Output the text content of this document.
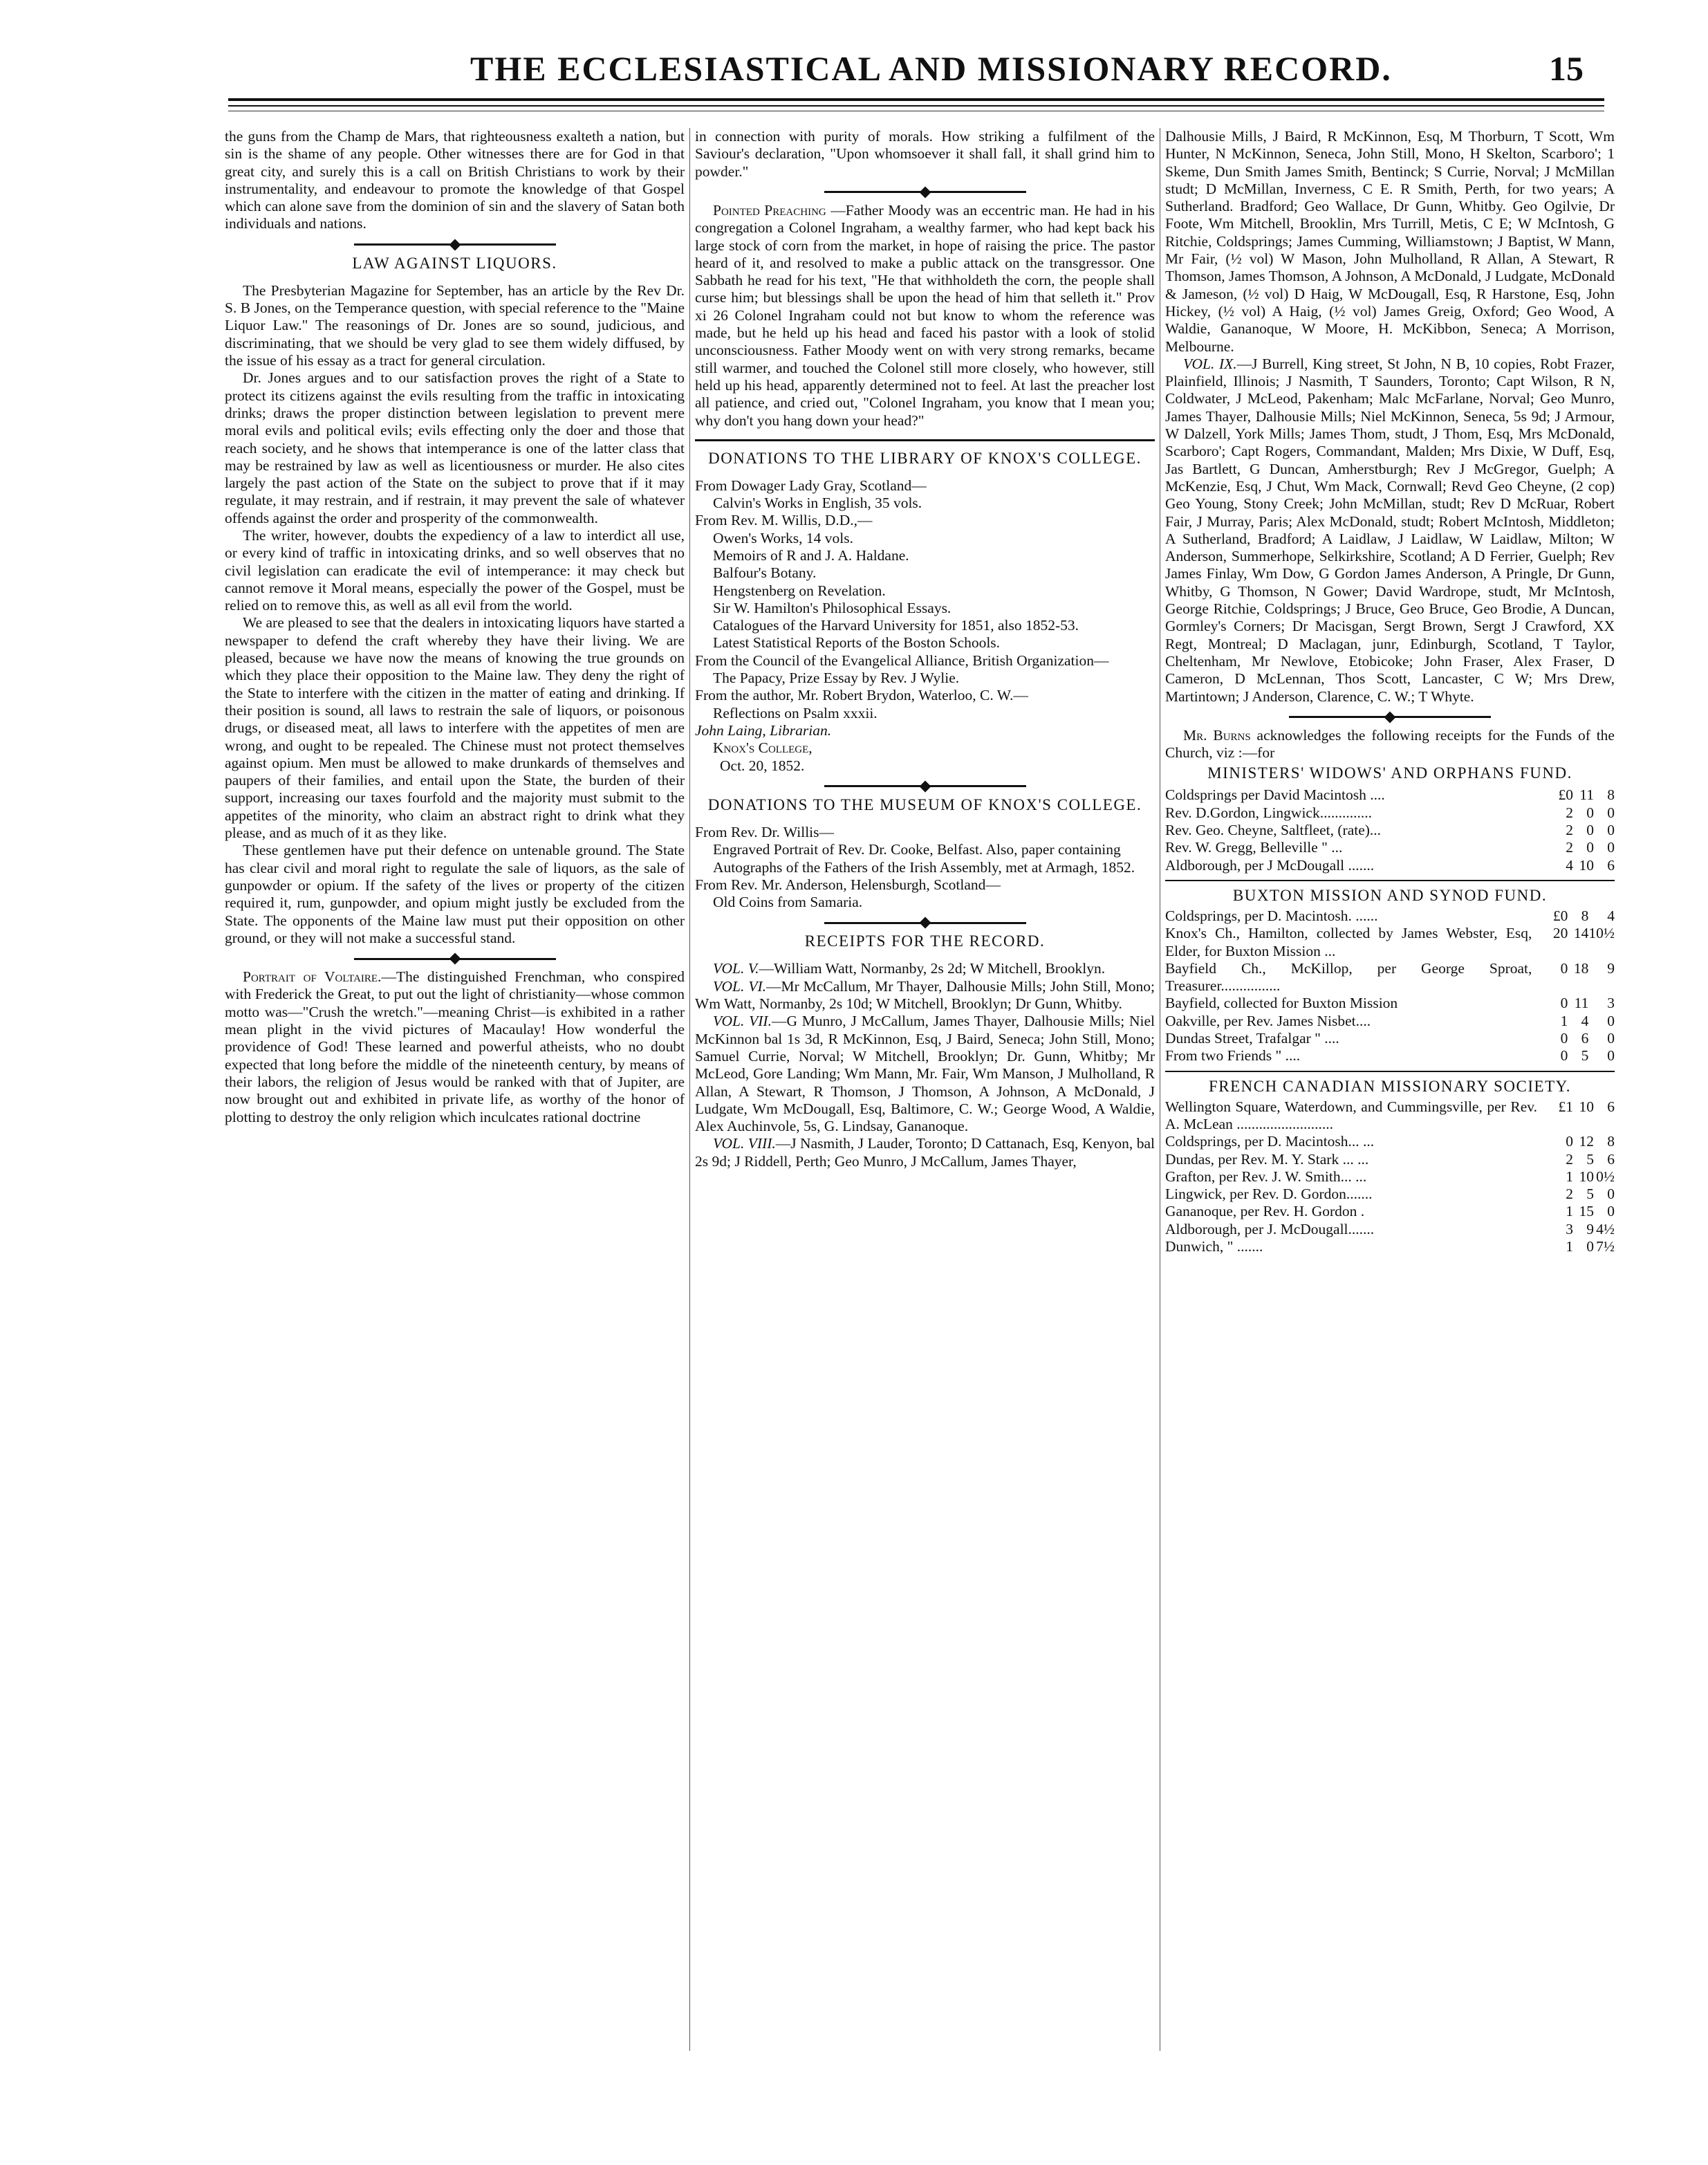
THE ECCLESIASTICAL AND MISSIONARY RECORD.	15

the guns from the Champ de Mars, that righteousness exalteth a nation, but sin is the shame of any people. Other witnesses there are for God in that great city, and surely this is a call on British Christians to work by their instrumentality, and endeavour to promote the knowledge of that Gospel which can alone save from the dominion of sin and the slavery of Satan both individuals and nations.

LAW AGAINST LIQUORS.

The Presbyterian Magazine for September, has an article by the Rev Dr. S. B Jones, on the Temperance question, with special reference to the "Maine Liquor Law." The reasonings of Dr. Jones are so sound, judicious, and discriminating, that we should be very glad to see them widely diffused, by the issue of his essay as a tract for general circulation.

Dr. Jones argues and to our satisfaction proves the right of a State to protect its citizens against the evils resulting from the traffic in intoxicating drinks; draws the proper distinction between legislation to prevent mere moral evils and political evils; evils effecting only the doer and those that reach society, and he shows that intemperance is one of the latter class that may be restrained by law as well as licentiousness or murder. He also cites largely the past action of the State on the subject to prove that if it may regulate, it may restrain, and if restrain, it may prevent the sale of whatever offends against the order and prosperity of the commonwealth.

The writer, however, doubts the expediency of a law to interdict all use, or every kind of traffic in intoxicating drinks, and so well observes that no civil legislation can eradicate the evil of intemperance: it may check but cannot remove it Moral means, especially the power of the Gospel, must be relied on to remove this, as well as all evil from the world.

We are pleased to see that the dealers in intoxicating liquors have started a newspaper to defend the craft whereby they have their living. We are pleased, because we have now the means of knowing the true grounds on which they place their opposition to the Maine law. They deny the right of the State to interfere with the citizen in the matter of eating and drinking. If their position is sound, all laws to restrain the sale of liquors, or poisonous drugs, or diseased meat, all laws to interfere with the appetites of men are wrong, and ought to be repealed. The Chinese must not protect themselves against opium. Men must be allowed to make drunkards of themselves and paupers of their families, and entail upon the State, the burden of their support, increasing our taxes fourfold and the majority must submit to the appetites of the minority, who claim an abstract right to drink what they please, and as much of it as they like.

These gentlemen have put their defence on untenable ground. The State has clear civil and moral right to regulate the sale of liquors, as the sale of gunpowder or opium. If the safety of the lives or property of the citizen required it, rum, gunpowder, and opium might justly be excluded from the State. The opponents of the Maine law must put their opposition on other ground, or they will not make a successful stand.

Portrait of Voltaire.—The distinguished Frenchman, who conspired with Frederick the Great, to put out the light of christianity—whose common motto was—"Crush the wretch."—meaning Christ—is exhibited in a rather mean plight in the vivid pictures of Macaulay! How wonderful the providence of God! These learned and powerful atheists, who no doubt expected that long before the middle of the nineteenth century, by means of their labors, the religion of Jesus would be ranked with that of Jupiter, are now brought out and exhibited in private life, as worthy of the honor of plotting to destroy the only religion which inculcates rational doctrine

in connection with purity of morals. How striking a fulfilment of the Saviour's declaration, "Upon whomsoever it shall fall, it shall grind him to powder."

Pointed Preaching —Father Moody was an eccentric man. He had in his congregation a Colonel Ingraham, a wealthy farmer, who had kept back his large stock of corn from the market, in hope of raising the price. The pastor heard of it, and resolved to make a public attack on the transgressor. One Sabbath he read for his text, "He that withholdeth the corn, the people shall curse him; but blessings shall be upon the head of him that selleth it." Prov xi 26 Colonel Ingraham could not but know to whom the reference was made, but he held up his head and faced his pastor with a look of stolid unconsciousness. Father Moody went on with very strong remarks, became still warmer, and touched the Colonel still more closely, who however, still held up his head, apparently determined not to feel. At last the preacher lost all patience, and cried out, "Colonel Ingraham, you know that I mean you; why don't you hang down your head?"

DONATIONS TO THE LIBRARY OF KNOX'S COLLEGE.

From Dowager Lady Gray, Scotland—

Calvin's Works in English, 35 vols.

From Rev. M. Willis, D.D.,—

Owen's Works, 14 vols.

Memoirs of R and J. A. Haldane.

Balfour's Botany.

Hengstenberg on Revelation.

Sir W. Hamilton's Philosophical Essays.

Catalogues of the Harvard University for 1851, also 1852-53.

Latest Statistical Reports of the Boston Schools.

From the Council of the Evangelical Alliance, British Organization—

The Papacy, Prize Essay by Rev. J Wylie.

From the author, Mr. Robert Brydon, Waterloo, C. W.—

Reflections on Psalm xxxii.

John Laing, Librarian.

Knox's College,

Oct. 20, 1852.

DONATIONS TO THE MUSEUM OF KNOX'S COLLEGE.

From Rev. Dr. Willis—

Engraved Portrait of Rev. Dr. Cooke, Belfast. Also, paper containing Autographs of the Fathers of the Irish Assembly, met at Armagh, 1852.

From Rev. Mr. Anderson, Helensburgh, Scotland—

Old Coins from Samaria.

RECEIPTS FOR THE RECORD.

VOL. V.—William Watt, Normanby, 2s 2d; W Mitchell, Brooklyn.

VOL. VI.—Mr McCallum, Mr Thayer, Dalhousie Mills; John Still, Mono; Wm Watt, Normanby, 2s 10d; W Mitchell, Brooklyn; Dr Gunn, Whitby.

VOL. VII.—G Munro, J McCallum, James Thayer, Dalhousie Mills; Niel McKinnon bal 1s 3d, R McKinnon, Esq, J Baird, Seneca; John Still, Mono; Samuel Currie, Norval; W Mitchell, Brooklyn; Dr. Gunn, Whitby; Mr McLeod, Gore Landing; Wm Mann, Mr. Fair, Wm Manson, J Mulholland, R Allan, A Stewart, R Thomson, J Thomson, A Johnson, A McDonald, J Ludgate, Wm McDougall, Esq, Baltimore, C. W.; George Wood, A Waldie, Alex Auchinvole, 5s, G. Lindsay, Gananoque.

VOL. VIII.—J Nasmith, J Lauder, Toronto; D Cattanach, Esq, Kenyon, bal 2s 9d; J Riddell, Perth; Geo Munro, J McCallum, James Thayer,

Dalhousie Mills, J Baird, R McKinnon, Esq, M Thorburn, T Scott, Wm Hunter, N McKinnon, Seneca, John Still, Mono, H Skelton, Scarboro'; 1 Skeme, Dun Smith James Smith, Bentinck; S Currie, Norval; J McMillan studt; D McMillan, Inverness, C E. R Smith, Perth, for two years; A Sutherland. Bradford; Geo Wallace, Dr Gunn, Whitby. Geo Ogilvie, Dr Foote, Wm Mitchell, Brooklin, Mrs Turrill, Metis, C E; W McIntosh, G Ritchie, Coldsprings; James Cumming, Williamstown; J Baptist, W Mann, Mr Fair, (½ vol) W Mason, John Mulholland, R Allan, A Stewart, R Thomson, James Thomson, A Johnson, A McDonald, J Ludgate, McDonald & Jameson, (½ vol) D Haig, W McDougall, Esq, R Harstone, Esq, John Hickey, (½ vol) A Haig, (½ vol) James Greig, Oxford; Geo Wood, A Waldie, Gananoque, W Moore, H. McKibbon, Seneca; A Morrison, Melbourne.

VOL. IX.—J Burrell, King street, St John, N B, 10 copies, Robt Frazer, Plainfield, Illinois; J Nasmith, T Saunders, Toronto; Capt Wilson, R N, Coldwater, J McLeod, Pakenham; Malc McFarlane, Norval; Geo Munro, James Thayer, Dalhousie Mills; Niel McKinnon, Seneca, 5s 9d; J Armour, W Dalzell, York Mills; James Thom, studt, J Thom, Esq, Mrs McDonald, Scarboro'; Capt Rogers, Commandant, Malden; Mrs Dixie, W Duff, Esq, Jas Bartlett, G Duncan, Amherstburgh; Rev J McGregor, Guelph; A McKenzie, Esq, J Chut, Wm Mack, Cornwall; Revd Geo Cheyne, (2 cop) Geo Young, Stony Creek; John McMillan, studt; Rev D McRuar, Robert Fair, J Murray, Paris; Alex McDonald, studt; Robert McIntosh, Middleton; A Sutherland, Bradford; A Laidlaw, J Laidlaw, W Laidlaw, Milton; W Anderson, Summerhope, Selkirkshire, Scotland; A D Ferrier, Guelph; Rev James Finlay, Wm Dow, G Gordon James Anderson, A Pringle, Dr Gunn, Whitby, G Thomson, N Gower; David Wardrope, studt, Mr McIntosh, George Ritchie, Coldsprings; J Bruce, Geo Bruce, Geo Brodie, A Duncan, Gormley's Corners; Dr Macisgan, Sergt Brown, Sergt J Crawford, XX Regt, Montreal; D Maclagan, junr, Edinburgh, Scotland, T Taylor, Cheltenham, Mr Newlove, Etobicoke; John Fraser, Alex Fraser, D Cameron, D McLennan, Thos Scott, Lancaster, C W; Mrs Drew, Martintown; J Anderson, Clarence, C. W.; T Whyte.

Mr. Burns acknowledges the following receipts for the Funds of the Church, viz :—for

MINISTERS' WIDOWS' AND ORPHANS FUND.
Coldsprings per David Macintosh ....	£0	11	8
Rev. D.Gordon, Lingwick..............	2	0	0
Rev. Geo. Cheyne, Saltfleet, (rate)...	2	0	0
Rev. W. Gregg, Belleville " ...	2	0	0
Aldborough, per J McDougall .......	4	10	6
BUXTON MISSION AND SYNOD FUND.
Coldsprings, per D. Macintosh. ......	£0	8	4
Knox's Ch., Hamilton, collected by James Webster, Esq, Elder, for Buxton Mission ...	20	14	10½
Bayfield Ch., McKillop, per George Sproat, Treasurer................	0	18	9
Bayfield, collected for Buxton Mission	0	11	3
Oakville, per Rev. James Nisbet....	1	4	0
Dundas Street, Trafalgar " ....	0	6	0
From two Friends " ....	0	5	0
FRENCH CANADIAN MISSIONARY SOCIETY.
Wellington Square, Waterdown, and Cummingsville, per Rev. A. McLean ..........................	£1	10	6
Coldsprings, per D. Macintosh... ...	0	12	8
Dundas, per Rev. M. Y. Stark ... ...	2	5	6
Grafton, per Rev. J. W. Smith... ...	1	10	0½
Lingwick, per Rev. D. Gordon.......	2	5	0
Gananoque, per Rev. H. Gordon .	1	15	0
Aldborough, per J. McDougall.......	3	9	4½
Dunwich, " .......	1	0	7½
